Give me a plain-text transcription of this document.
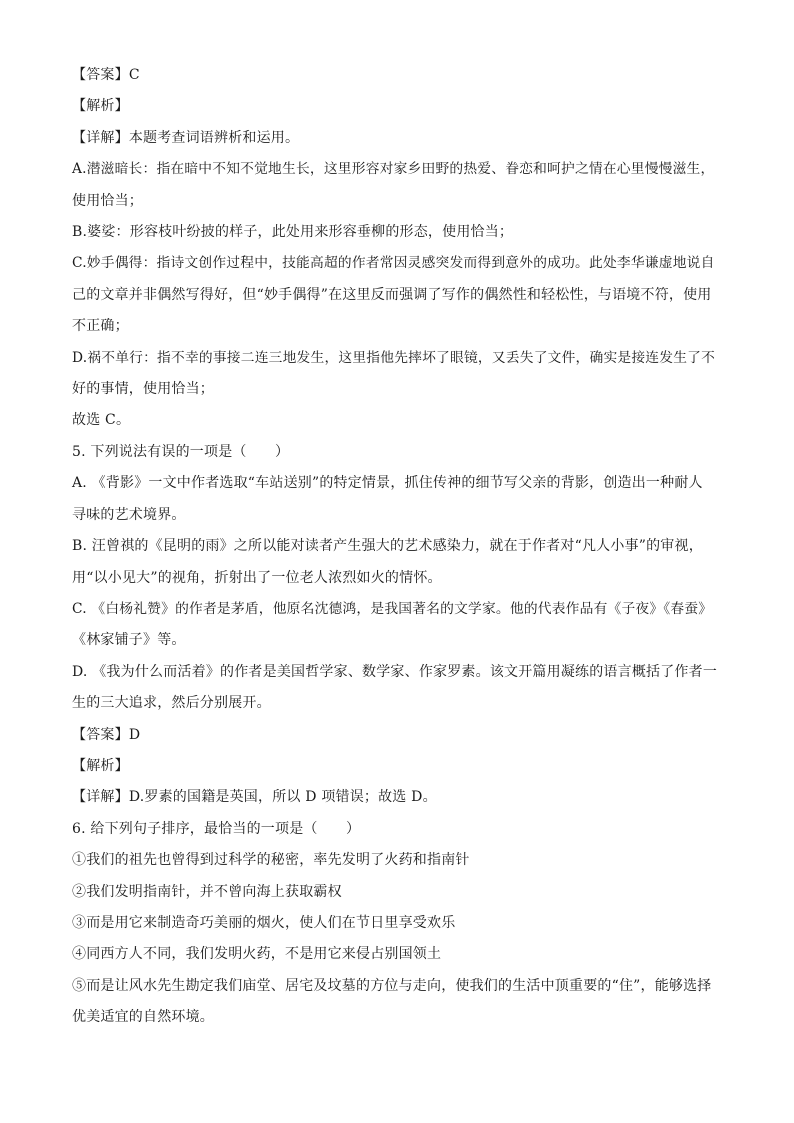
【答案】C
【解析】
【详解】本题考查词语辨析和运用。
A.潜滋暗长：指在暗中不知不觉地生长，这里形容对家乡田野的热爱、眷恋和呵护之情在心里慢慢滋生，
使用恰当；
B.婆娑：形容枝叶纷披的样子，此处用来形容垂柳的形态，使用恰当；
C.妙手偶得：指诗文创作过程中，技能高超的作者常因灵感突发而得到意外的成功。此处李华谦虚地说自
己的文章并非偶然写得好，但“妙手偶得”在这里反而强调了写作的偶然性和轻松性，与语境不符，使用
不正确；
D.祸不单行：指不幸的事接二连三地发生，这里指他先摔坏了眼镜，又丢失了文件，确实是接连发生了不
好的事情，使用恰当；
故选 C。
5. 下列说法有误的一项是（　　）
A. 《背影》一文中作者选取“车站送别”的特定情景，抓住传神的细节写父亲的背影，创造出一种耐人
寻味的艺术境界。
B. 汪曾祺的《昆明的雨》之所以能对读者产生强大的艺术感染力，就在于作者对“凡人小事”的审视，
用“以小见大”的视角，折射出了一位老人浓烈如火的情怀。
C. 《白杨礼赞》的作者是茅盾，他原名沈德鸿，是我国著名的文学家。他的代表作品有《子夜》《春蚕》
《林家铺子》等。
D. 《我为什么而活着》的作者是美国哲学家、数学家、作家罗素。该文开篇用凝练的语言概括了作者一
生的三大追求，然后分别展开。
【答案】D
【解析】
【详解】D.罗素的国籍是英国，所以 D 项错误；故选 D。
6. 给下列句子排序，最恰当的一项是（　　）
①我们的祖先也曾得到过科学的秘密，率先发明了火药和指南针
②我们发明指南针，并不曾向海上获取霸权
③而是用它来制造奇巧美丽的烟火，使人们在节日里享受欢乐
④同西方人不同，我们发明火药，不是用它来侵占别国领土
⑤而是让风水先生勘定我们庙堂、居宅及坟墓的方位与走向，使我们的生活中顶重要的“住”，能够选择
优美适宜的自然环境。
